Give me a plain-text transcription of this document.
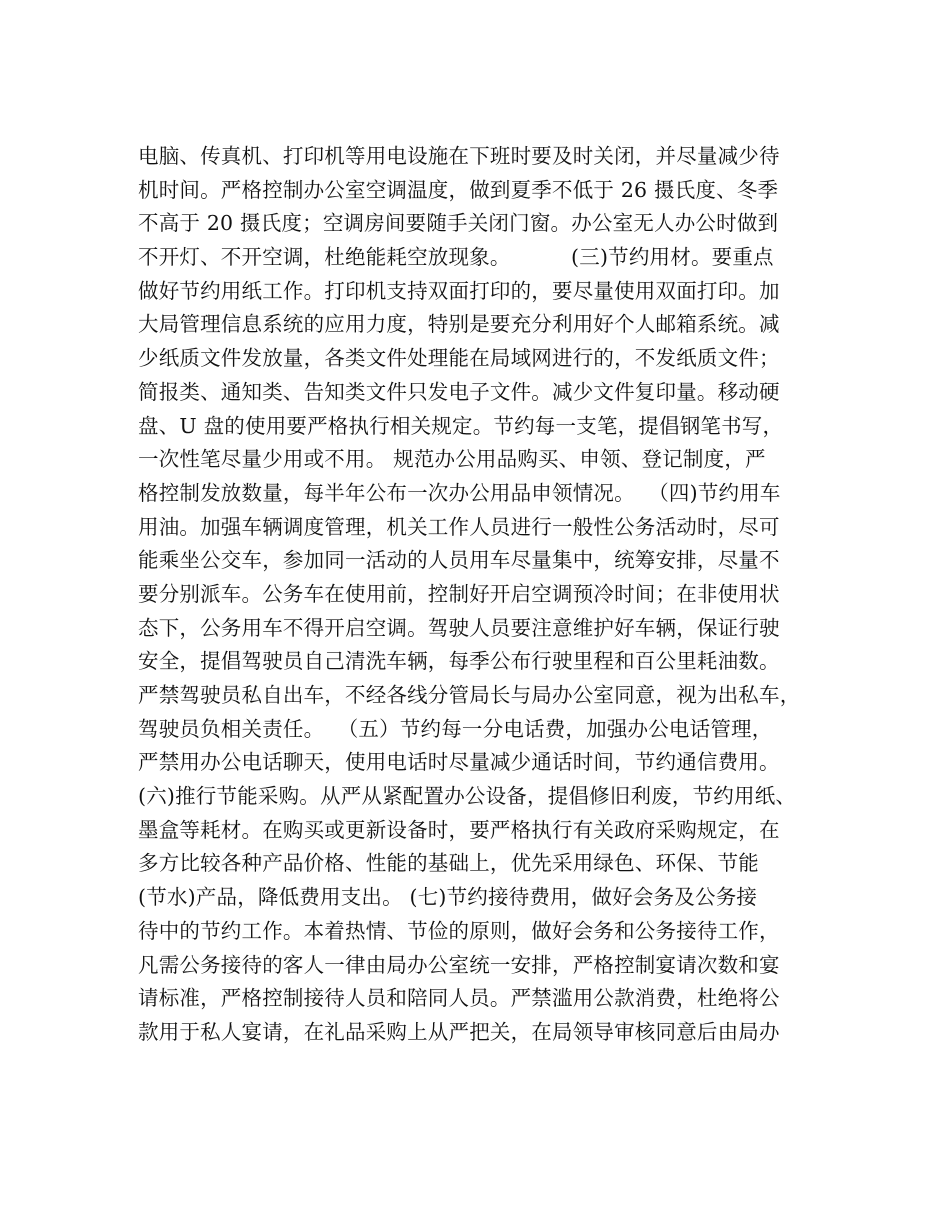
电脑、传真机、打印机等用电设施在下班时要及时关闭，并尽量减少待
机时间。严格控制办公室空调温度，做到夏季不低于 26 摄氏度、冬季
不高于 20 摄氏度；空调房间要随手关闭门窗。办公室无人办公时做到
不开灯、不开空调，杜绝能耗空放现象。         (三)节约用材。要重点
做好节约用纸工作。打印机支持双面打印的，要尽量使用双面打印。加
大局管理信息系统的应用力度，特别是要充分利用好个人邮箱系统。减
少纸质文件发放量，各类文件处理能在局域网进行的，不发纸质文件；
简报类、通知类、告知类文件只发电子文件。减少文件复印量。移动硬
盘、U 盘的使用要严格执行相关规定。节约每一支笔，提倡钢笔书写，
一次性笔尽量少用或不用。 规范办公用品购买、申领、登记制度，严
格控制发放数量，每半年公布一次办公用品申领情况。  （四)节约用车
用油。加强车辆调度管理，机关工作人员进行一般性公务活动时，尽可
能乘坐公交车，参加同一活动的人员用车尽量集中，统筹安排，尽量不
要分别派车。公务车在使用前，控制好开启空调预冷时间；在非使用状
态下，公务用车不得开启空调。驾驶人员要注意维护好车辆，保证行驶
安全，提倡驾驶员自己清洗车辆，每季公布行驶里程和百公里耗油数。
严禁驾驶员私自出车，不经各线分管局长与局办公室同意，视为出私车，
驾驶员负相关责任。  （五）节约每一分电话费，加强办公电话管理，
严禁用办公电话聊天，使用电话时尽量减少通话时间，节约通信费用。
(六)推行节能采购。从严从紧配置办公设备，提倡修旧利废，节约用纸、
墨盒等耗材。在购买或更新设备时，要严格执行有关政府采购规定，在
多方比较各种产品价格、性能的基础上，优先采用绿色、环保、节能
(节水)产品，降低费用支出。 (七)节约接待费用，做好会务及公务接
待中的节约工作。本着热情、节俭的原则，做好会务和公务接待工作，
凡需公务接待的客人一律由局办公室统一安排，严格控制宴请次数和宴
请标准，严格控制接待人员和陪同人员。严禁滥用公款消费，杜绝将公
款用于私人宴请，在礼品采购上从严把关，在局领导审核同意后由局办
